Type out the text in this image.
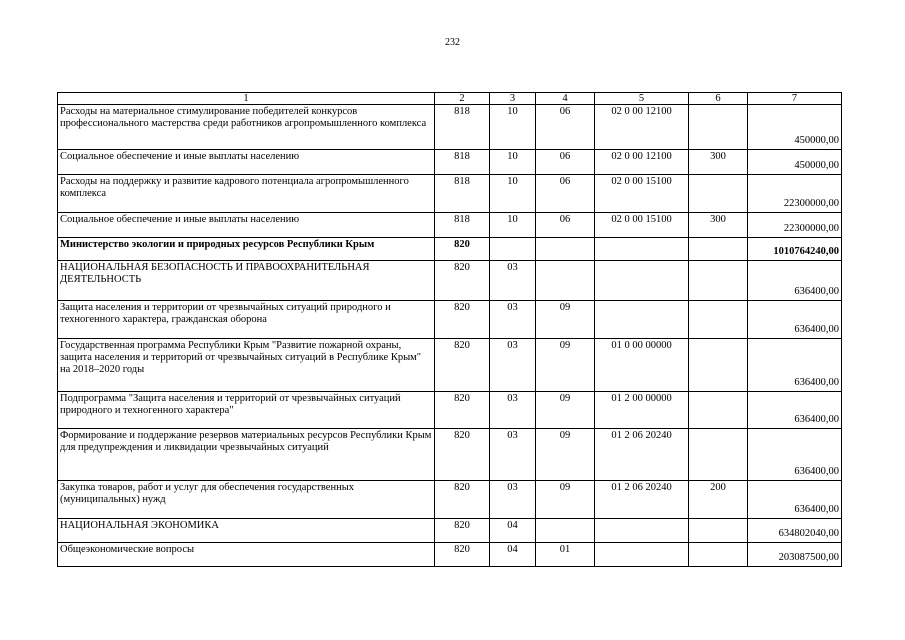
232
1	2	3	4	5	6	7
Расходы на материальное стимулирование победителей конкурсов профессионального мастерства среди работников агропромышленного комплекса	818	10	06	02 0 00 12100		450000,00
Социальное обеспечение и иные выплаты населению	818	10	06	02 0 00 12100	300	450000,00
Расходы на поддержку и развитие кадрового потенциала агропромышленного комплекса	818	10	06	02 0 00 15100		22300000,00
Социальное обеспечение и иные выплаты населению	818	10	06	02 0 00 15100	300	22300000,00
Министерство экологии и природных ресурсов Республики Крым	820					1010764240,00
НАЦИОНАЛЬНАЯ БЕЗОПАСНОСТЬ И ПРАВООХРАНИТЕЛЬНАЯ ДЕЯТЕЛЬНОСТЬ	820	03				636400,00
Защита населения и территории от чрезвычайных ситуаций природного и техногенного характера, гражданская оборона	820	03	09			636400,00
Государственная программа Республики Крым "Развитие пожарной охраны, защита населения и территорий от чрезвычайных ситуаций в Республике Крым" на 2018–2020 годы	820	03	09	01 0 00 00000		636400,00
Подпрограмма "Защита населения и территорий от чрезвычайных ситуаций природного и техногенного характера"	820	03	09	01 2 00 00000		636400,00
Формирование и поддержание резервов материальных ресурсов Республики Крым для предупреждения и ликвидации чрезвычайных ситуаций	820	03	09	01 2 06 20240		636400,00
Закупка товаров, работ и услуг для обеспечения государственных (муниципальных) нужд	820	03	09	01 2 06 20240	200	636400,00
НАЦИОНАЛЬНАЯ ЭКОНОМИКА	820	04				634802040,00
Общеэкономические вопросы	820	04	01			203087500,00
